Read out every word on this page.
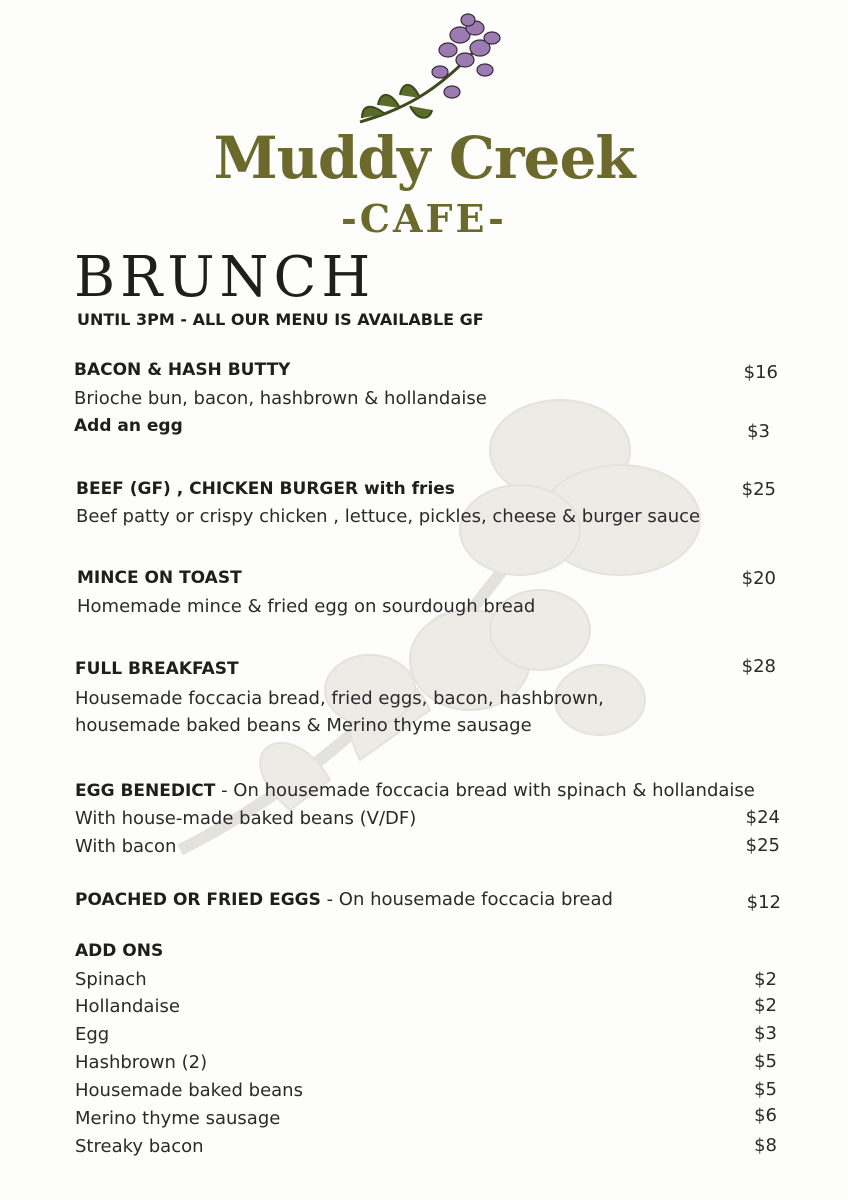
Muddy Creek
-CAFE-
BRUNCH
UNTIL 3PM - ALL OUR MENU IS AVAILABLE GF
BACON & HASH BUTTY	$16
Brioche bun, bacon, hashbrown & hollandaise
Add an egg	$3
BEEF (GF) , CHICKEN BURGER with fries	$25
Beef patty or crispy chicken , lettuce, pickles, cheese & burger sauce
MINCE ON TOAST	$20
Homemade mince & fried egg on sourdough bread
FULL BREAKFAST	$28
Housemade foccacia bread, fried eggs, bacon, hashbrown,
housemade baked beans & Merino thyme sausage
EGG BENEDICT - On housemade foccacia bread with spinach & hollandaise
With house-made baked beans (V/DF)	$24
With bacon	$25
POACHED OR FRIED EGGS - On housemade foccacia bread	$12
ADD ONS
Spinach	$2
Hollandaise	$2
Egg	$3
Hashbrown (2)	$5
Housemade baked beans	$5
Merino thyme sausage	$6
Streaky bacon	$8
